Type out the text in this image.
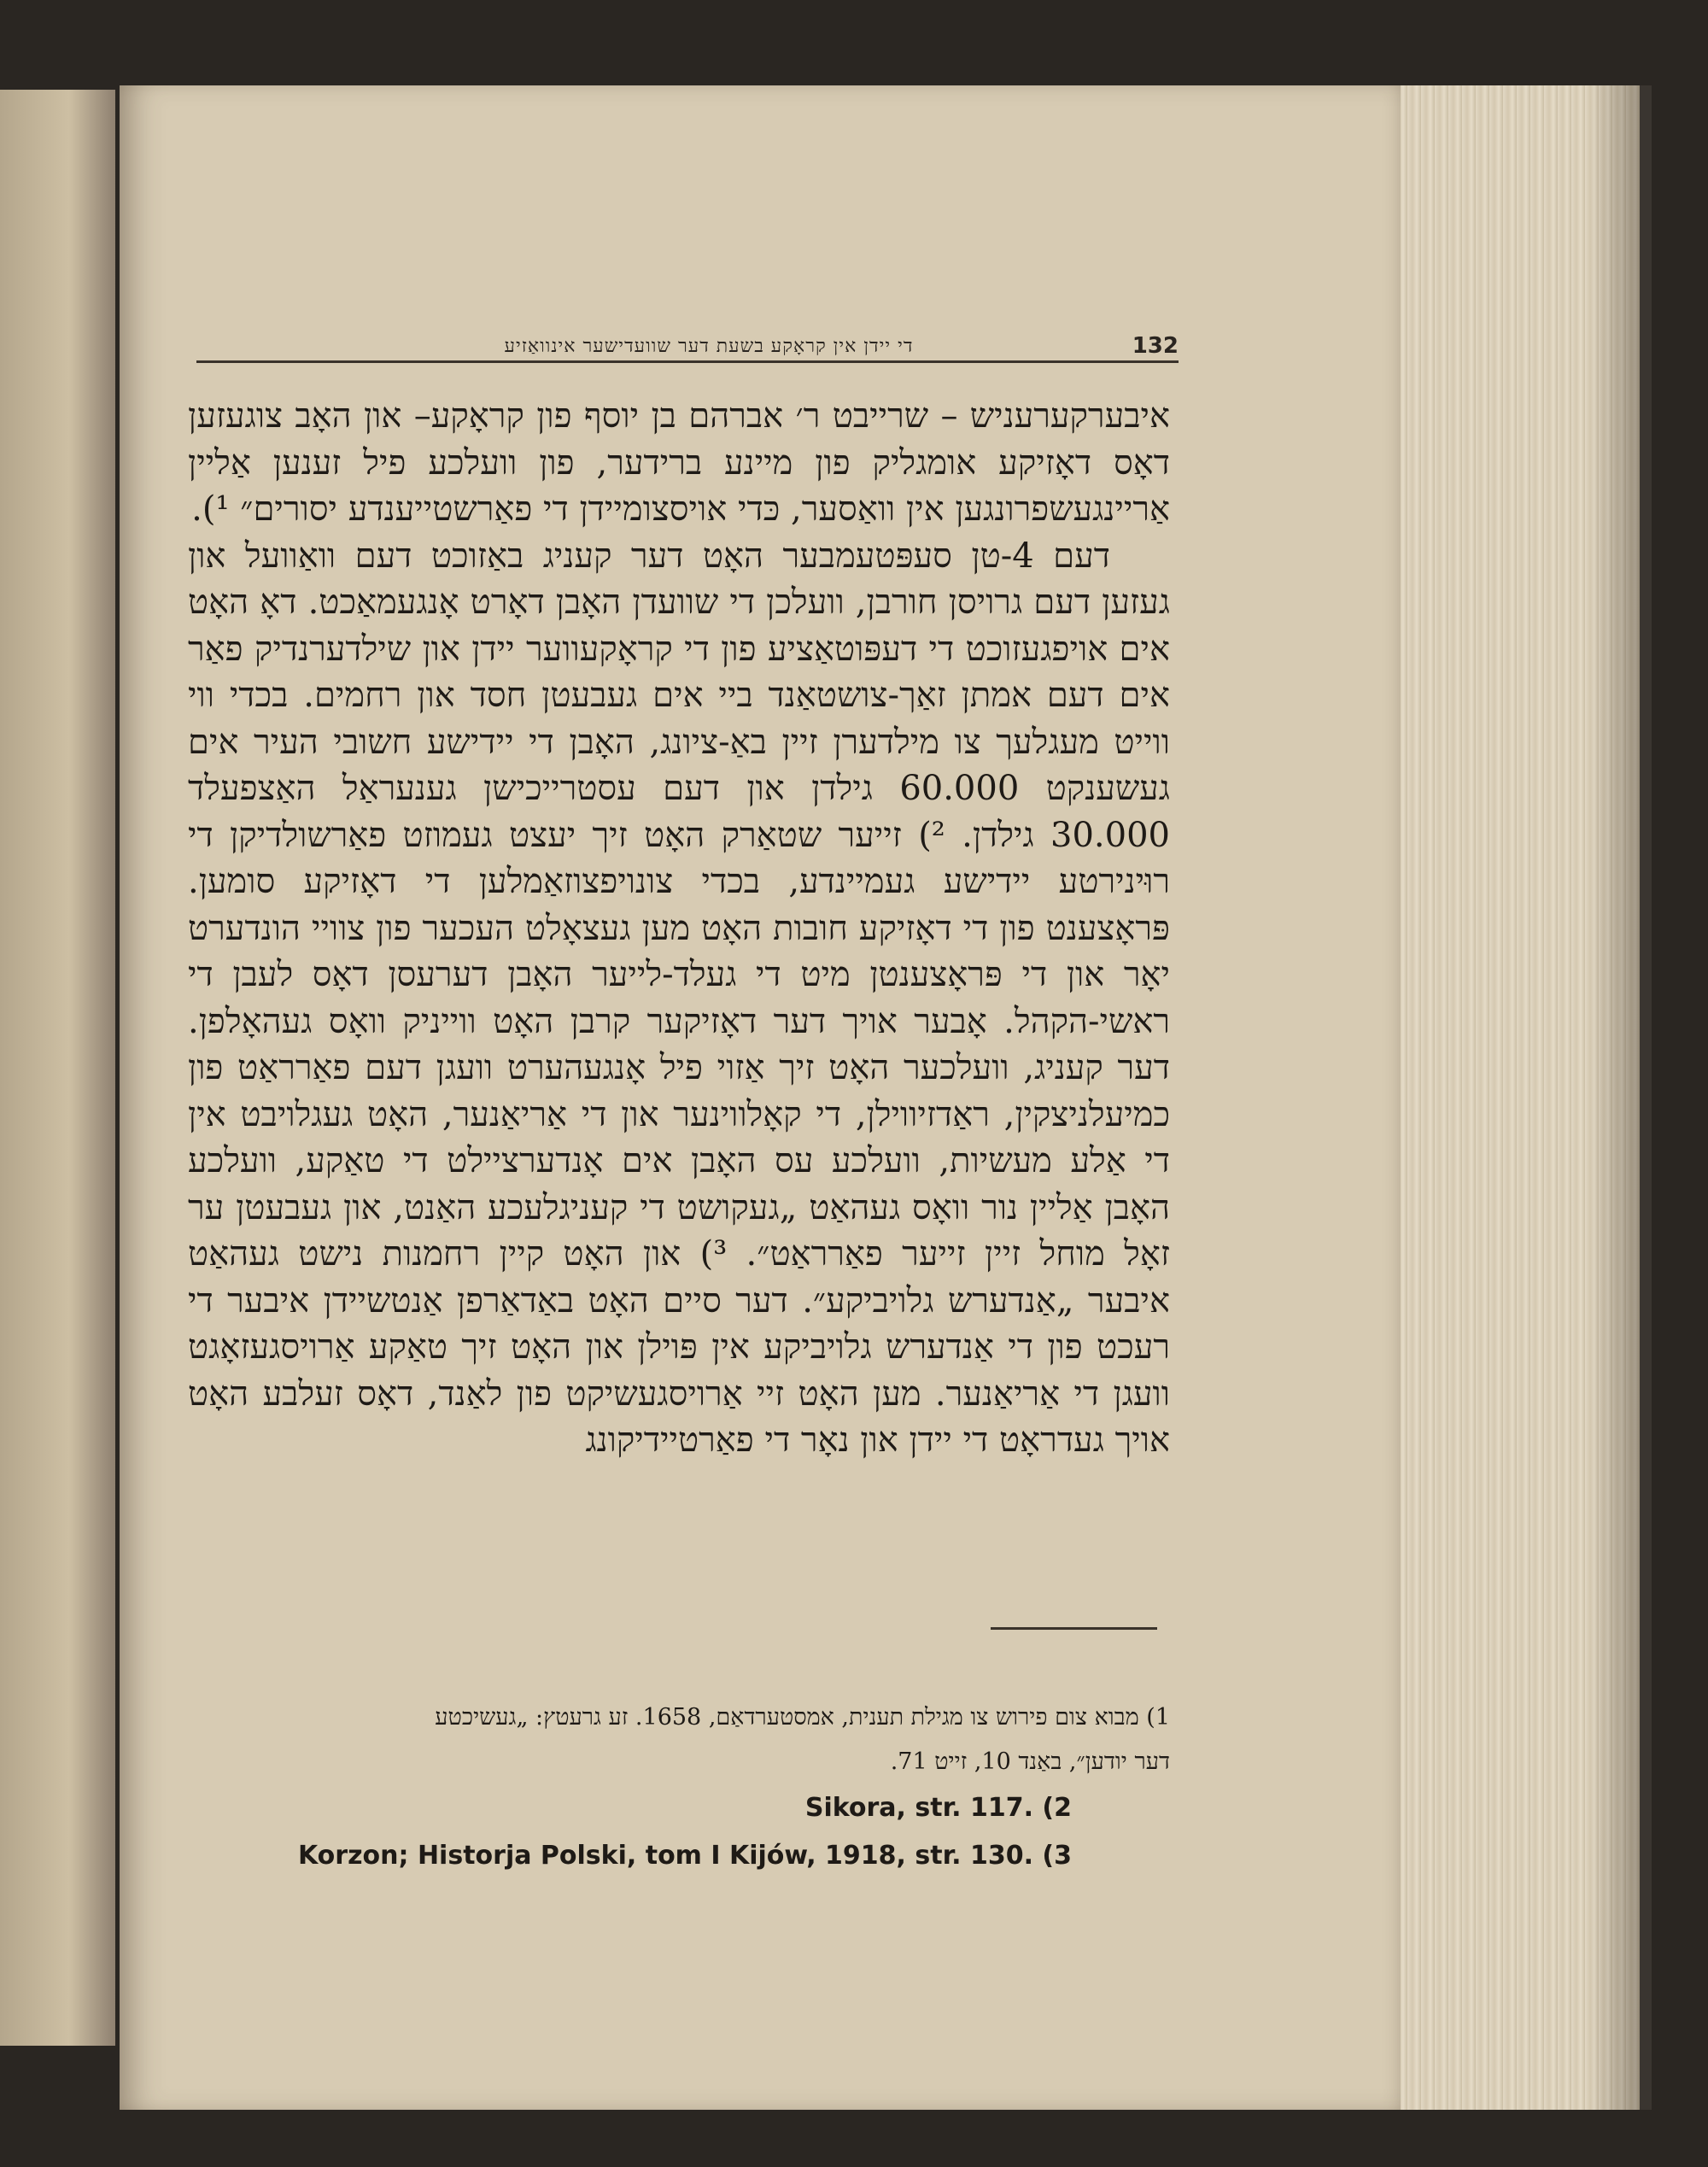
די יידן אין קראָקע בשעת דער שוועדישער אינוואַזיע	132

איבערקערעניש – שרייבט ר׳ אברהם בן יוסף פון קראָקע– און האָב צוגעזען דאָס דאָזיקע אומגליק פון מיינע ברידער, פון וועלכע פיל זענען אַליין אַריינגעשפרונגען אין וואַסער, כּדי אויסצומיידן די פאַרשטייענדע יסורים״ ¹).

דעם 4-טן סעפּטעמבער האָט דער קעניג באַזוכט דעם וואַוועל און געזען דעם גרויסן חורבן, וועלכן די שוועדן האָבן דאָרט אָנגעמאַכט. דאָ האָט אים אויפגעזוכט די דעפּוטאַציע פון די קראָקעווער יידן און שילדערנדיק פאַר אים דעם אמתן זאַך-צושטאַנד ביי אים געבעטן חסד און רחמים. בכדי ווי ווייט מעגלעך צו מילדערן זיין באַ-ציונג, האָבן די יידישע חשובי העיר אים געשענקט 60.000 גילדן און דעם עסטרייכישן גענעראַל האַצפעלד 30.000 גילדן. ²) זייער שטאַרק האָט זיך יעצט געמוזט פאַרשולדיקן די רוּינירטע יידישע געמיינדע, בכדי צונויפצוזאַמלען די דאָזיקע סומען. פּראָצענט פון די דאָזיקע חובות האָט מען געצאָלט העכער פון צוויי הונדערט יאָר און די פּראָצענטן מיט די געלד-לייער האָבן דערעסן דאָס לעבן די ראשי-הקהל. אָבער אויך דער דאָזיקער קרבן האָט ווייניק וואָס געהאָלפן. דער קעניג, וועלכער האָט זיך אַזוי פיל אָנגעהערט וועגן דעם פאַרראַט פון כמיעלניצקין, ראַדזיווילן, די קאָלווינער און די אַריאַנער, האָט געגלויבט אין די אַלע מעשיות, וועלכע עס האָבן אים אָנדערציילט די טאַקע, וועלכע האָבן אַליין נור וואָס געהאַט „געקושט די קעניגלעכע האַנט, און געבעטן ער זאָל מוחל זיין זייער פאַרראַט״. ³) און האָט קיין רחמנות נישט געהאַט איבער „אַנדערש גלויביקע״. דער סיים האָט באַדאַרפן אַנטשיידן איבער די רעכט פון די אַנדערש גלויביקע אין פּוילן און האָט זיך טאַקע אַרויסגעזאָגט וועגן די אַריאַנער. מען האָט זיי אַרויסגעשיקט פון לאַנד, דאָס זעלבע האָט אויך געדראָט די יידן און נאָר די פאַרטיידיקונג

1) מבוא צום פירוש צו מגילת תענית, אמסטערדאַם, 1658. זע גרעטץ: „געשיכטע

דער יודען״, באַנד 10, זייט 71.

Sikora, str. 117. (2

Korzon; Historja Polski, tom I Kijów, 1918, str. 130. (3
